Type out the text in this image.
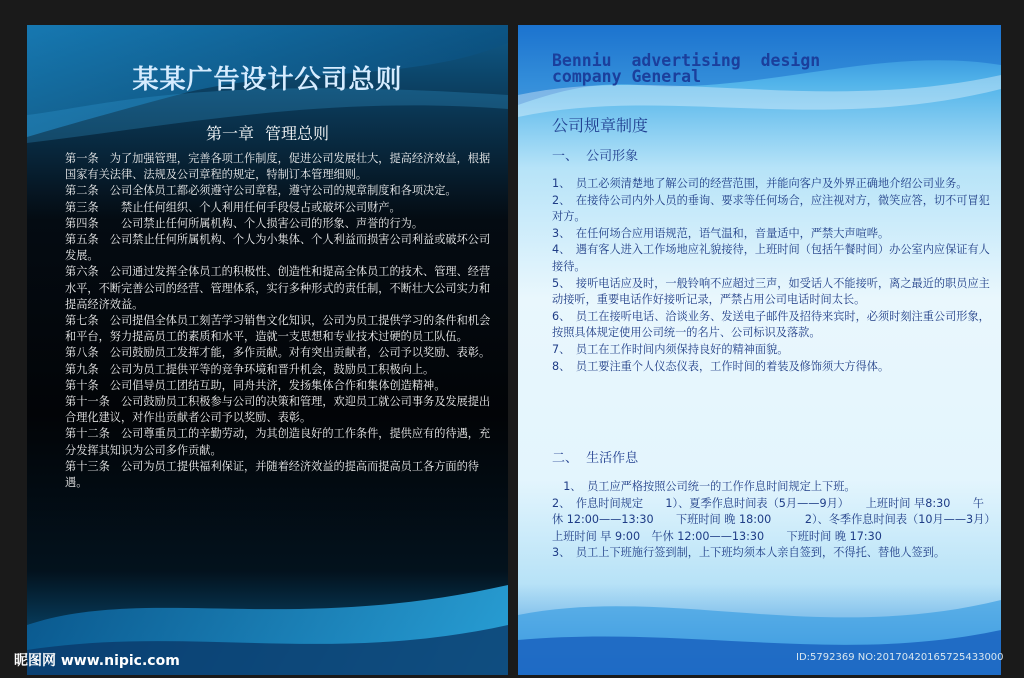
某某广告设计公司总则
第一章 管理总则

第一条　为了加强管理，完善各项工作制度，促进公司发展壮大，提高经济效益，根据国家有关法律、法规及公司章程的规定，特制订本管理细则。

第二条　公司全体员工都必须遵守公司章程，遵守公司的规章制度和各项决定。

第三条　　禁止任何组织、个人利用任何手段侵占或破坏公司财产。

第四条　　公司禁止任何所属机构、个人损害公司的形象、声誉的行为。

第五条　公司禁止任何所属机构、个人为小集体、个人利益而损害公司利益或破坏公司发展。

第六条　公司通过发挥全体员工的积极性、创造性和提高全体员工的技术、管理、经营水平，不断完善公司的经营、管理体系，实行多种形式的责任制，不断壮大公司实力和提高经济效益。

第七条　公司提倡全体员工刻苦学习销售文化知识，公司为员工提供学习的条件和机会和平台，努力提高员工的素质和水平，造就一支思想和专业技术过硬的员工队伍。

第八条　公司鼓励员工发挥才能，多作贡献。对有突出贡献者，公司予以奖励、表彰。

第九条　公司为员工提供平等的竞争环境和晋升机会，鼓励员工积极向上。

第十条　公司倡导员工团结互助，同舟共济，发扬集体合作和集体创造精神。

第十一条　公司鼓励员工积极参与公司的决策和管理，欢迎员工就公司事务及发展提出合理化建议，对作出贡献者公司予以奖励、表彰。

第十二条　公司尊重员工的辛勤劳动，为其创造良好的工作条件，提供应有的待遇，充分发挥其知识为公司多作贡献。

第十三条　公司为员工提供福利保证，并随着经济效益的提高而提高员工各方面的待遇。

Benniu  advertising  design
company General
公司规章制度
一、 公司形象

1、　员工必须清楚地了解公司的经营范围，并能向客户及外界正确地介绍公司业务。

2、　在接待公司内外人员的垂询、要求等任何场合，应注视对方，微笑应答，切不可冒犯对方。

3、　在任何场合应用语规范，语气温和，音量适中，严禁大声喧哗。

4、　遇有客人进入工作场地应礼貌接待，上班时间（包括午餐时间）办公室内应保证有人接待。

5、　接听电话应及时，一般铃响不应超过三声，如受话人不能接听，离之最近的职员应主动接听，重要电话作好接听记录，严禁占用公司电话时间太长。

6、　员工在接听电话、洽谈业务、发送电子邮件及招待来宾时，必须时刻注重公司形象，按照具体规定使用公司统一的名片、公司标识及落款。

7、　员工在工作时间内须保持良好的精神面貌。

8、　员工要注重个人仪态仪表，工作时间的着装及修饰须大方得体。

二、 生活作息

　1、　员工应严格按照公司统一的工作作息时间规定上下班。

2、　作息时间规定　　1）、夏季作息时间表（5月——9月）　　上班时间 早8:30　　午休 12:00——13:30　　下班时间 晚 18:00　　　2）、冬季作息时间表（10月——3月）上班时间 早 9:00　午休 12:00——13:30　　下班时间 晚 17:30

3、　员工上下班施行签到制，上下班均须本人亲自签到，不得托、替他人签到。

昵图网 www.nipic.com	ID:5792369 NO:20170420165725433000
